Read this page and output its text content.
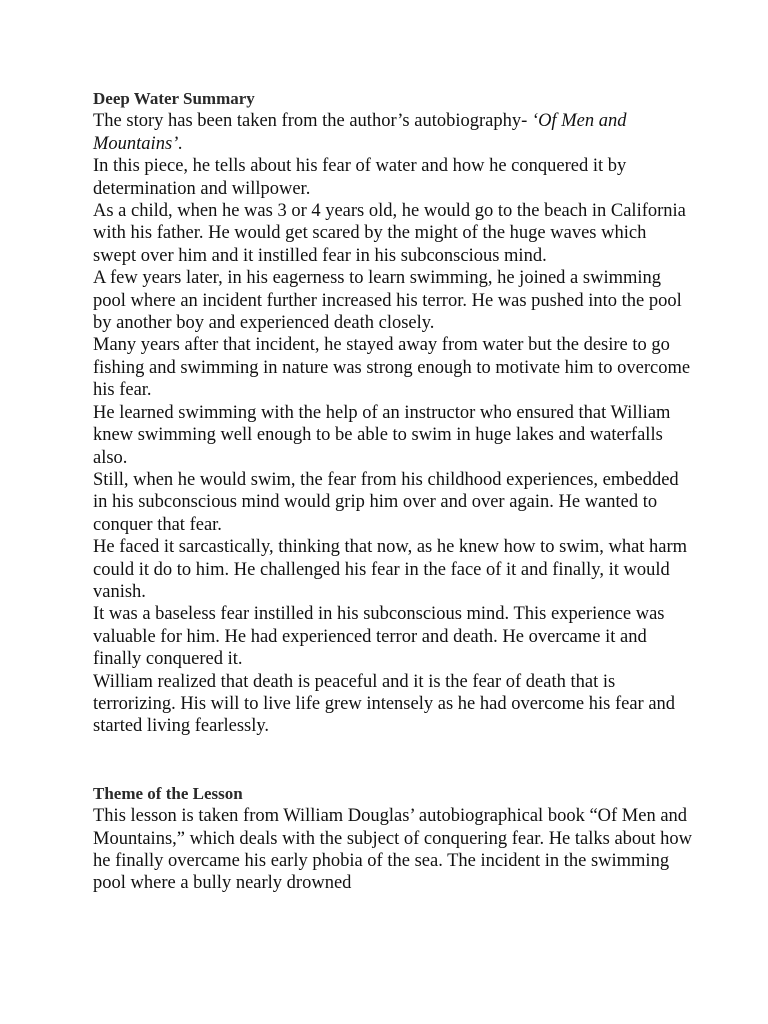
Deep Water Summary

The story has been taken from the author’s autobiography- ‘Of Men and Mountains’.

In this piece, he tells about his fear of water and how he conquered it by determination and willpower.

As a child, when he was 3 or 4 years old, he would go to the beach in California with his father. He would get scared by the might of the huge waves which swept over him and it instilled fear in his subconscious mind.

A few years later, in his eagerness to learn swimming, he joined a swimming pool where an incident further increased his terror. He was pushed into the pool by another boy and experienced death closely.

Many years after that incident, he stayed away from water but the desire to go fishing and swimming in nature was strong enough to motivate him to overcome his fear.

He learned swimming with the help of an instructor who ensured that William knew swimming well enough to be able to swim in huge lakes and waterfalls also.

Still, when he would swim, the fear from his childhood experiences, embedded in his subconscious mind would grip him over and over again. He wanted to conquer that fear.

He faced it sarcastically, thinking that now, as he knew how to swim, what harm could it do to him. He challenged his fear in the face of it and finally, it would vanish.

It was a baseless fear instilled in his subconscious mind. This experience was valuable for him. He had experienced terror and death. He overcame it and finally conquered it.

William realized that death is peaceful and it is the fear of death that is terrorizing. His will to live life grew intensely as he had overcome his fear and started living fearlessly.

Theme of the Lesson

This lesson is taken from William Douglas’ autobiographical book “Of Men and Mountains,” which deals with the subject of conquering fear. He talks about how he finally overcame his early phobia of the sea. The incident in the swimming pool where a bully nearly drowned
